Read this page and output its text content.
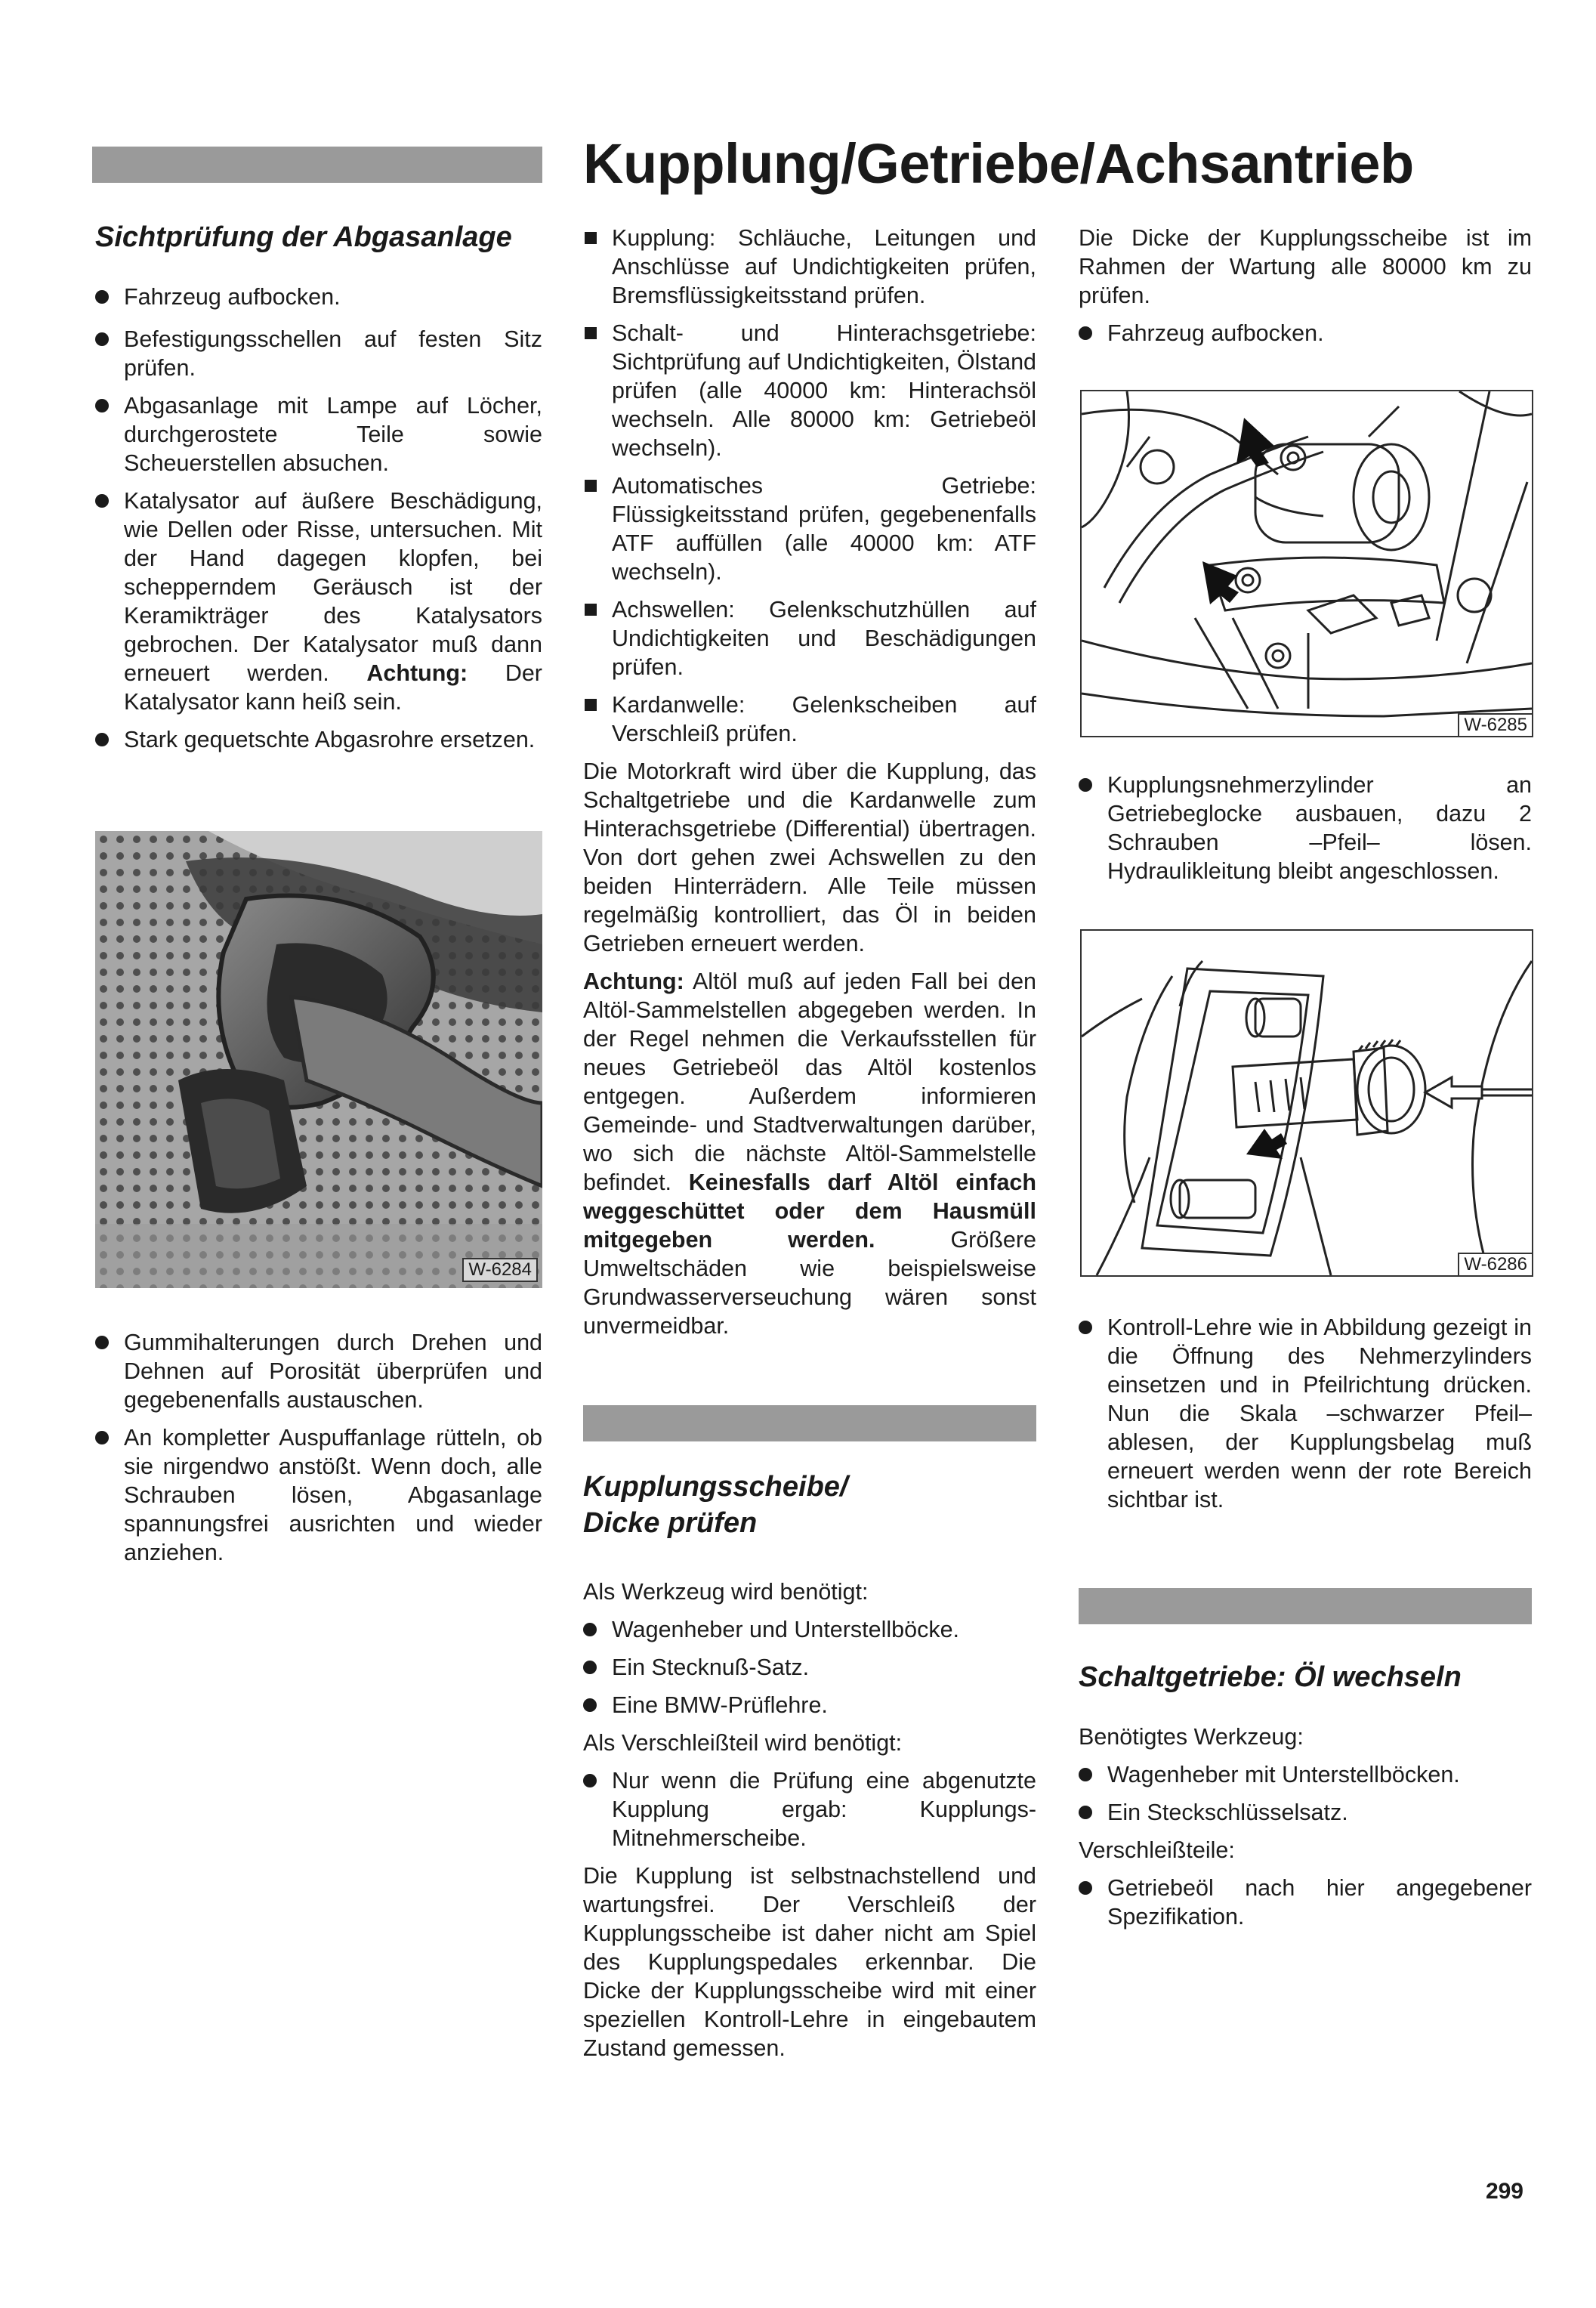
Kupplung/Getriebe/Achsantrieb
Sichtprüfung der Abgasanlage

Fahrzeug aufbocken.

Befestigungsschellen auf festen Sitz prüfen.

Abgasanlage mit Lampe auf Löcher, durchgerostete Teile sowie Scheuerstellen absuchen.

Katalysator auf äußere Beschädigung, wie Dellen oder Risse, untersuchen. Mit der Hand dagegen klopfen, bei schepperndem Geräusch ist der Keramikträger des Katalysators gebrochen. Der Katalysator muß dann erneuert werden. Achtung: Der Katalysator kann heiß sein.

Stark gequetschte Abgasrohre ersetzen.

W-6284

Gummihalterungen durch Drehen und Dehnen auf Porosität überprüfen und gegebenenfalls austauschen.

An kompletter Auspuffanlage rütteln, ob sie nirgendwo anstößt. Wenn doch, alle Schrauben lösen, Abgasanlage spannungsfrei ausrichten und wieder anziehen.

Kupplung: Schläuche, Leitungen und Anschlüsse auf Undichtigkeiten prüfen, Bremsflüssigkeitsstand prüfen.

Schalt- und Hinterachsgetriebe: Sichtprüfung auf Undichtigkeiten, Ölstand prüfen (alle 40000 km: Hinterachsöl wechseln. Alle 80000 km: Getriebeöl wechseln).

Automatisches Getriebe: Flüssigkeitsstand prüfen, gegebenenfalls ATF auffüllen (alle 40000 km: ATF wechseln).

Achswellen: Gelenkschutzhüllen auf Undichtigkeiten und Beschädigungen prüfen.

Kardanwelle: Gelenkscheiben auf Verschleiß prüfen.

Die Motorkraft wird über die Kupplung, das Schaltgetriebe und die Kardanwelle zum Hinterachsgetriebe (Differential) übertragen. Von dort gehen zwei Achswellen zu den beiden Hinterrädern. Alle Teile müssen regelmäßig kontrolliert, das Öl in beiden Getrieben erneuert werden.

Achtung: Altöl muß auf jeden Fall bei den Altöl-Sammelstellen abgegeben werden. In der Regel nehmen die Verkaufsstellen für neues Getriebeöl das Altöl kostenlos entgegen. Außerdem informieren Gemeinde- und Stadtverwaltungen darüber, wo sich die nächste Altöl-Sammelstelle befindet. Keinesfalls darf Altöl einfach weggeschüttet oder dem Hausmüll mitgegeben werden.	Größere Umweltschäden wie beispielsweise Grundwasserverseuchung wären sonst unvermeidbar.

Kupplungsscheibe/
Dicke prüfen

Als Werkzeug wird benötigt:

Wagenheber und Unterstellböcke.

Ein Stecknuß-Satz.

Eine BMW-Prüflehre.

Als Verschleißteil wird benötigt:

Nur wenn die Prüfung eine abgenutzte Kupplung ergab: Kupplungs-Mitnehmerscheibe.

Die Kupplung ist selbstnachstellend und wartungsfrei. Der Verschleiß der Kupplungsscheibe ist daher nicht am Spiel des Kupplungspedales erkennbar. Die Dicke der Kupplungsscheibe wird mit einer speziellen Kontroll-Lehre in eingebautem Zustand gemessen.

Die Dicke der Kupplungsscheibe ist im Rahmen der Wartung alle 80000 km zu prüfen.

Fahrzeug aufbocken.

W-6285

Kupplungsnehmerzylinder an Getriebeglocke ausbauen, dazu 2 Schrauben –Pfeil– lösen. Hydraulikleitung bleibt angeschlossen.

W-6286

Kontroll-Lehre wie in Abbildung gezeigt in die Öffnung des Nehmerzylinders einsetzen und in Pfeilrichtung drücken. Nun die Skala –schwarzer Pfeil– ablesen, der Kupplungsbelag muß erneuert werden wenn der rote Bereich sichtbar ist.

Schaltgetriebe: Öl wechseln

Benötigtes Werkzeug:

Wagenheber mit Unterstellböcken.

Ein Steckschlüsselsatz.

Verschleißteile:

Getriebeöl nach hier angegebener Spezifikation.

299
